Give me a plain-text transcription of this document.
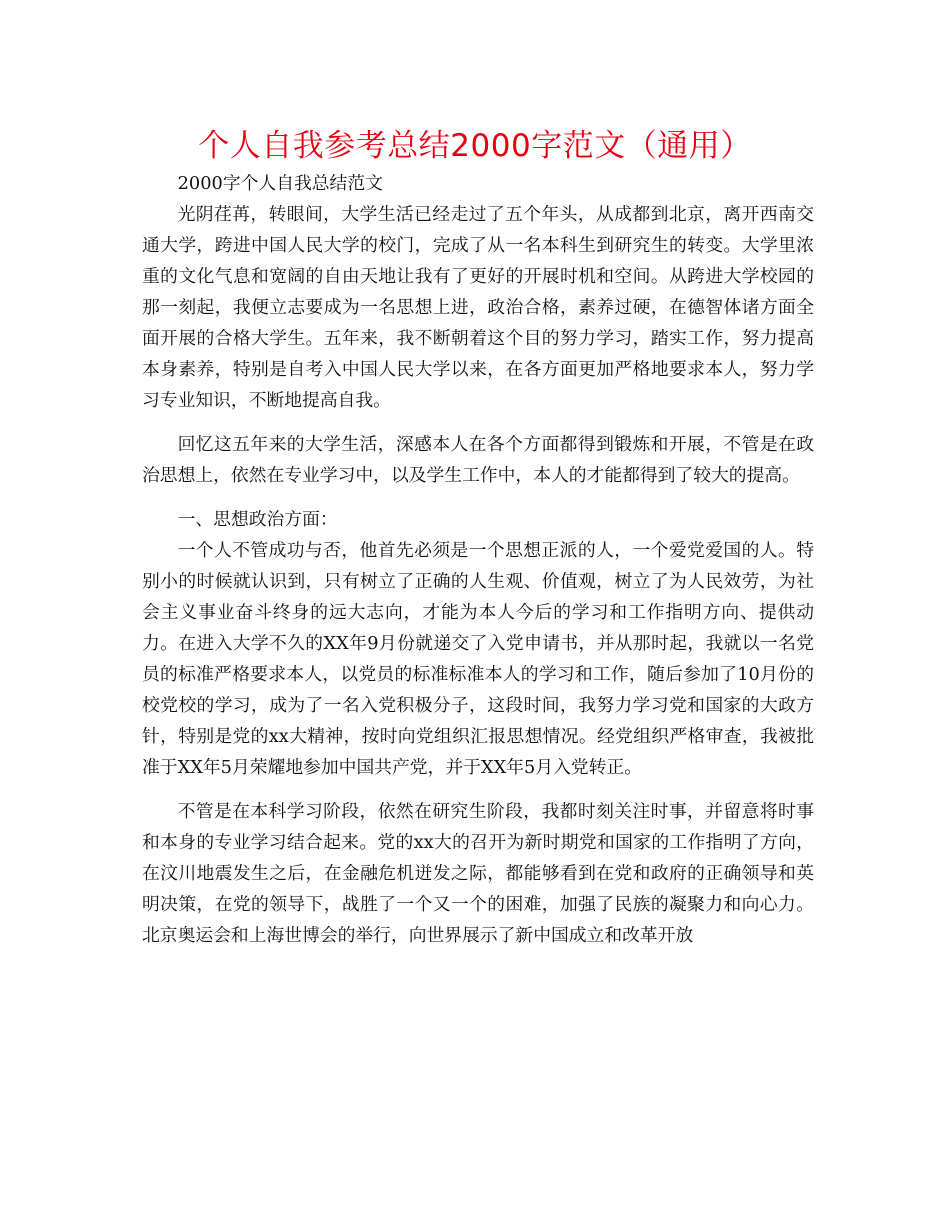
个人自我参考总结2000字范文（通用）

2000字个人自我总结范文

光阴荏苒，转眼间，大学生活已经走过了五个年头，从成都到北京，离开西南交通大学，跨进中国人民大学的校门，完成了从一名本科生到研究生的转变。大学里浓重的文化气息和宽阔的自由天地让我有了更好的开展时机和空间。从跨进大学校园的那一刻起，我便立志要成为一名思想上进，政治合格，素养过硬，在德智体诸方面全面开展的合格大学生。五年来，我不断朝着这个目的努力学习，踏实工作，努力提高本身素养，特别是自考入中国人民大学以来，在各方面更加严格地要求本人，努力学习专业知识，不断地提高自我。

回忆这五年来的大学生活，深感本人在各个方面都得到锻炼和开展，不管是在政治思想上，依然在专业学习中，以及学生工作中，本人的才能都得到了较大的提高。

一、思想政治方面：

一个人不管成功与否，他首先必须是一个思想正派的人，一个爱党爱国的人。特别小的时候就认识到，只有树立了正确的人生观、价值观，树立了为人民效劳，为社会主义事业奋斗终身的远大志向，才能为本人今后的学习和工作指明方向、提供动力。在进入大学不久的XX年9月份就递交了入党申请书，并从那时起，我就以一名党员的标准严格要求本人，以党员的标准标准本人的学习和工作，随后参加了10月份的校党校的学习，成为了一名入党积极分子，这段时间，我努力学习党和国家的大政方针，特别是党的xx大精神，按时向党组织汇报思想情况。经党组织严格审查，我被批准于XX年5月荣耀地参加中国共产党，并于XX年5月入党转正。

不管是在本科学习阶段，依然在研究生阶段，我都时刻关注时事，并留意将时事和本身的专业学习结合起来。党的xx大的召开为新时期党和国家的工作指明了方向，在汶川地震发生之后，在金融危机迸发之际，都能够看到在党和政府的正确领导和英明决策，在党的领导下，战胜了一个又一个的困难，加强了民族的凝聚力和向心力。北京奥运会和上海世博会的举行，向世界展示了新中国成立和改革开放
